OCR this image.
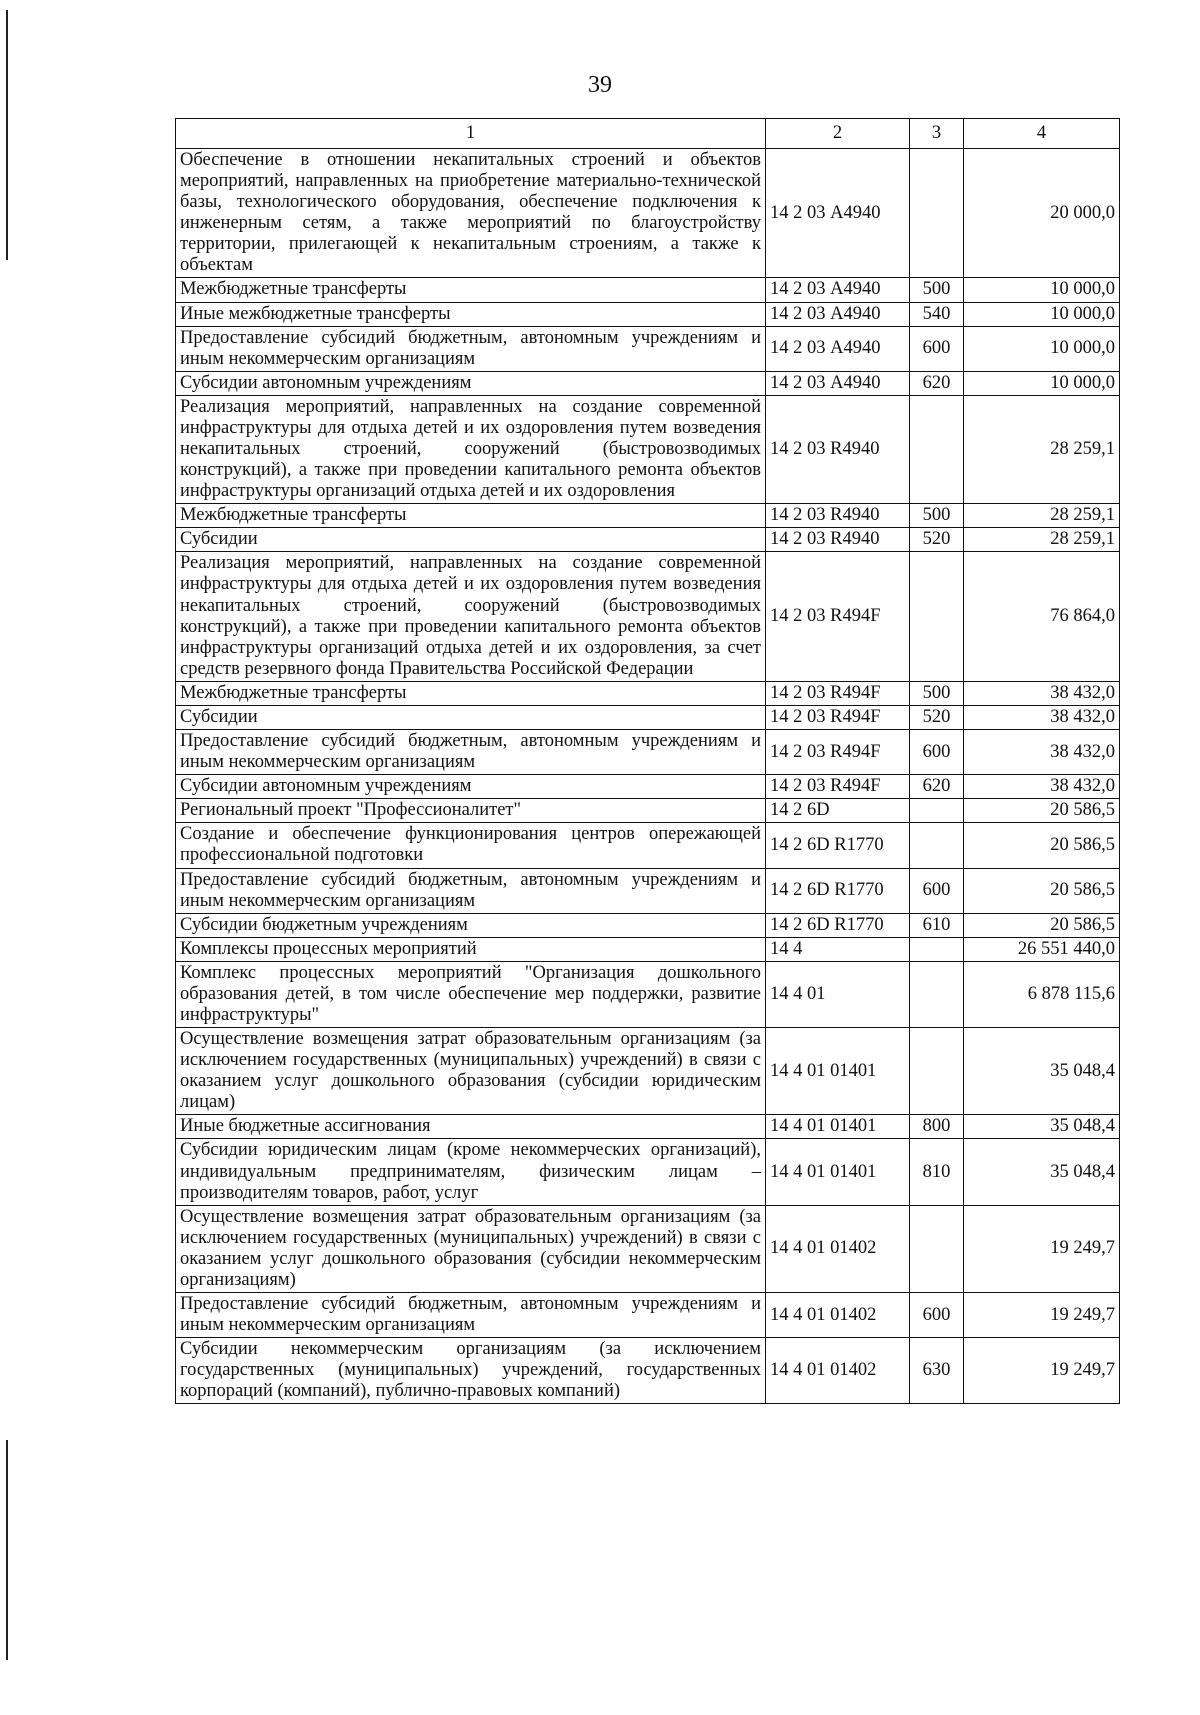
39
1	2	3	4
Обеспечение в отношении некапитальных строений и объектов мероприятий, направленных на приобретение материально-технической базы, технологического оборудования, обеспечение подключения к инженерным сетям, а также мероприятий по благоустройству территории, прилегающей к некапитальным строениям, а также к объектам	14 2 03 А4940		20 000,0
Межбюджетные трансферты	14 2 03 А4940	500	10 000,0
Иные межбюджетные трансферты	14 2 03 А4940	540	10 000,0
Предоставление субсидий бюджетным, автономным учреждениям и иным некоммерческим организациям	14 2 03 А4940	600	10 000,0
Субсидии автономным учреждениям	14 2 03 А4940	620	10 000,0
Реализация мероприятий, направленных на создание современной инфраструктуры для отдыха детей и их оздоровления путем возведения некапитальных строений, сооружений (быстровозводимых конструкций), а также при проведении капитального ремонта объектов инфраструктуры организаций отдыха детей и их оздоровления	14 2 03 R4940		28 259,1
Межбюджетные трансферты	14 2 03 R4940	500	28 259,1
Субсидии	14 2 03 R4940	520	28 259,1
Реализация мероприятий, направленных на создание современной инфраструктуры для отдыха детей и их оздоровления путем возведения некапитальных строений, сооружений (быстровозводимых конструкций), а также при проведении капитального ремонта объектов инфраструктуры организаций отдыха детей и их оздоровления, за счет средств резервного фонда Правительства Российской Федерации	14 2 03 R494F		76 864,0
Межбюджетные трансферты	14 2 03 R494F	500	38 432,0
Субсидии	14 2 03 R494F	520	38 432,0
Предоставление субсидий бюджетным, автономным учреждениям и иным некоммерческим организациям	14 2 03 R494F	600	38 432,0
Субсидии автономным учреждениям	14 2 03 R494F	620	38 432,0
Региональный проект "Профессионалитет"	14 2 6D		20 586,5
Создание и обеспечение функционирования центров опережающей профессиональной подготовки	14 2 6D R1770		20 586,5
Предоставление субсидий бюджетным, автономным учреждениям и иным некоммерческим организациям	14 2 6D R1770	600	20 586,5
Субсидии бюджетным учреждениям	14 2 6D R1770	610	20 586,5
Комплексы процессных мероприятий	14 4		26 551 440,0
Комплекс процессных мероприятий "Организация дошкольного образования детей, в том числе обеспечение мер поддержки, развитие инфраструктуры"	14 4 01		6 878 115,6
Осуществление возмещения затрат образовательным организациям (за исключением государственных (муниципальных) учреждений) в связи с оказанием услуг дошкольного образования (субсидии юридическим лицам)	14 4 01 01401		35 048,4
Иные бюджетные ассигнования	14 4 01 01401	800	35 048,4
Субсидии юридическим лицам (кроме некоммерческих организаций), индивидуальным предпринимателям, физическим лицам – производителям товаров, работ, услуг	14 4 01 01401	810	35 048,4
Осуществление возмещения затрат образовательным организациям (за исключением государственных (муниципальных) учреждений) в связи с оказанием услуг дошкольного образования (субсидии некоммерческим организациям)	14 4 01 01402		19 249,7
Предоставление субсидий бюджетным, автономным учреждениям и иным некоммерческим организациям	14 4 01 01402	600	19 249,7
Субсидии некоммерческим организациям (за исключением государственных (муниципальных) учреждений, государственных корпораций (компаний), публично-правовых компаний)	14 4 01 01402	630	19 249,7
